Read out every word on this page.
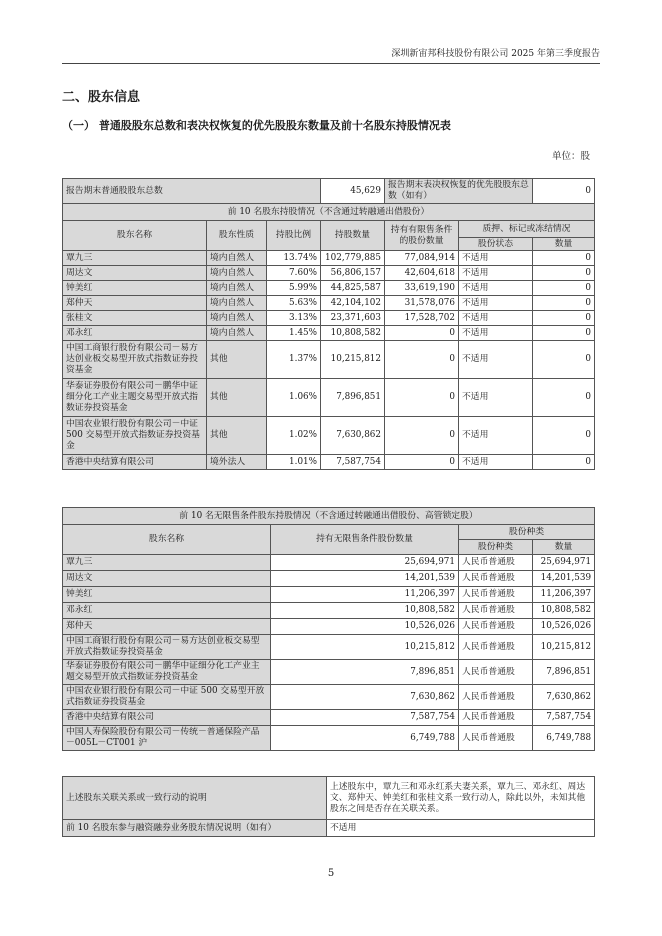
深圳新宙邦科技股份有限公司 2025 年第三季度报告
二、股东信息
（一） 普通股股东总数和表决权恢复的优先股股东数量及前十名股东持股情况表
单位：股
报告期末普通股股东总数			45,629	报告期末表决权恢复的优先股股东总数（如有）		0
前 10 名股东持股情况（不含通过转融通出借股份）						
股东名称	股东性质	持股比例	持股数量	持有有限售条件的股份数量	质押、标记或冻结情况	
					股份状态	数量
覃九三	境内自然人	13.74%	102,779,885	77,084,914	不适用	0
周达文	境内自然人	7.60%	56,806,157	42,604,618	不适用	0
钟美红	境内自然人	5.99%	44,825,587	33,619,190	不适用	0
郑仲天	境内自然人	5.63%	42,104,102	31,578,076	不适用	0
张桂文	境内自然人	3.13%	23,371,603	17,528,702	不适用	0
邓永红	境内自然人	1.45%	10,808,582	0	不适用	0
中国工商银行股份有限公司－易方达创业板交易型开放式指数证券投资基金	其他	1.37%	10,215,812	0	不适用	0
华泰证券股份有限公司－鹏华中证细分化工产业主题交易型开放式指数证券投资基金	其他	1.06%	7,896,851	0	不适用	0
中国农业银行股份有限公司－中证 500 交易型开放式指数证券投资基金	其他	1.02%	7,630,862	0	不适用	0
香港中央结算有限公司	境外法人	1.01%	7,587,754	0	不适用	0
前 10 名无限售条件股东持股情况（不含通过转融通出借股份、高管锁定股）			
股东名称	持有无限售条件股份数量	股份种类	
		股份种类	数量
覃九三	25,694,971	人民币普通股	25,694,971
周达文	14,201,539	人民币普通股	14,201,539
钟美红	11,206,397	人民币普通股	11,206,397
邓永红	10,808,582	人民币普通股	10,808,582
郑仲天	10,526,026	人民币普通股	10,526,026
中国工商银行股份有限公司－易方达创业板交易型开放式指数证券投资基金	10,215,812	人民币普通股	10,215,812
华泰证券股份有限公司－鹏华中证细分化工产业主题交易型开放式指数证券投资基金	7,896,851	人民币普通股	7,896,851
中国农业银行股份有限公司－中证 500 交易型开放式指数证券投资基金	7,630,862	人民币普通股	7,630,862
香港中央结算有限公司	7,587,754	人民币普通股	7,587,754
中国人寿保险股份有限公司－传统－普通保险产品－005L－CT001 沪	6,749,788	人民币普通股	6,749,788
上述股东关联关系或一致行动的说明	上述股东中，覃九三和邓永红系夫妻关系，覃九三、邓永红、周达文、郑仲天、钟美红和张桂文系一致行动人，除此以外，未知其他股东之间是否存在关联关系。
前 10 名股东参与融资融券业务股东情况说明（如有）	不适用
5
